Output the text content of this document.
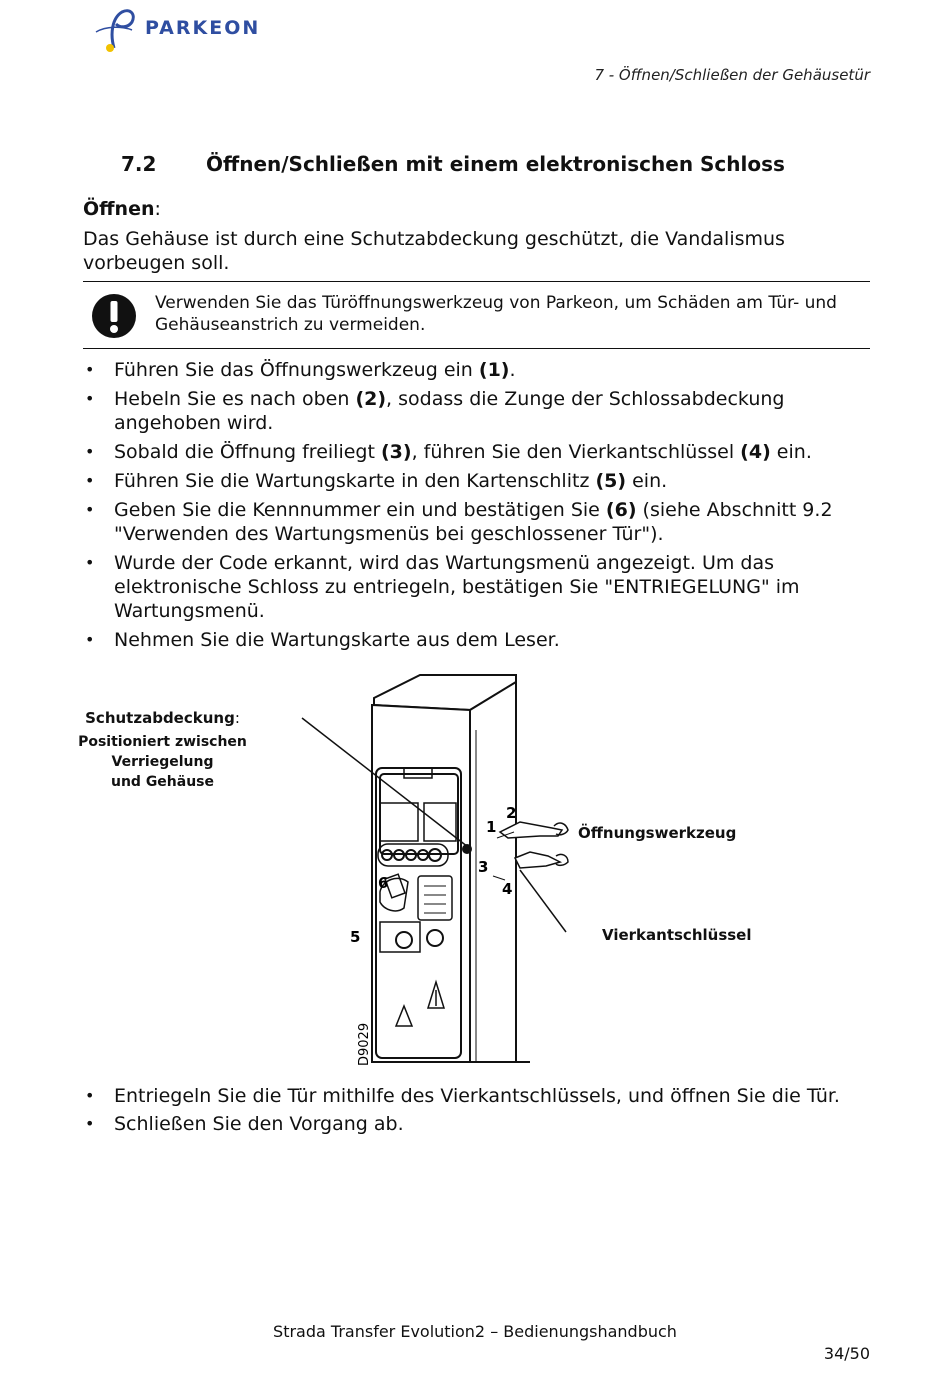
PARKEON
7 - Öffnen/Schließen der Gehäusetür
7.2 Öffnen/Schließen mit einem elektronischen Schloss
Öffnen:
Das Gehäuse ist durch eine Schutzabdeckung geschützt, die Vandalismus vorbeugen soll.
Verwenden Sie das Türöffnungswerkzeug von Parkeon, um Schäden am Tür- und Gehäuseanstrich zu vermeiden.
• Führen Sie das Öffnungswerkzeug ein (1).
• Hebeln Sie es nach oben (2), sodass die Zunge der Schlossabdeckung angehoben wird.
• Sobald die Öffnung freiliegt (3), führen Sie den Vierkantschlüssel (4) ein.
• Führen Sie die Wartungskarte in den Kartenschlitz (5) ein.
• Geben Sie die Kennnummer ein und bestätigen Sie (6) (siehe Abschnitt 9.2 "Verwenden des Wartungsmenüs bei geschlossener Tür").
• Wurde der Code erkannt, wird das Wartungsmenü angezeigt. Um das elektronische Schloss zu entriegeln, bestätigen Sie "ENTRIEGELUNG" im Wartungsmenü.
• Nehmen Sie die Wartungskarte aus dem Leser.
1
2
3
4
5
6
D9029
Schutzabdeckung:
Positioniert zwischen Verriegelung
und Gehäuse
Öffnungswerkzeug
Vierkantschlüssel
• Entriegeln Sie die Tür mithilfe des Vierkantschlüssels, und öffnen Sie die Tür.
• Schließen Sie den Vorgang ab.
Strada Transfer Evolution2 – Bedienungshandbuch
34/50
